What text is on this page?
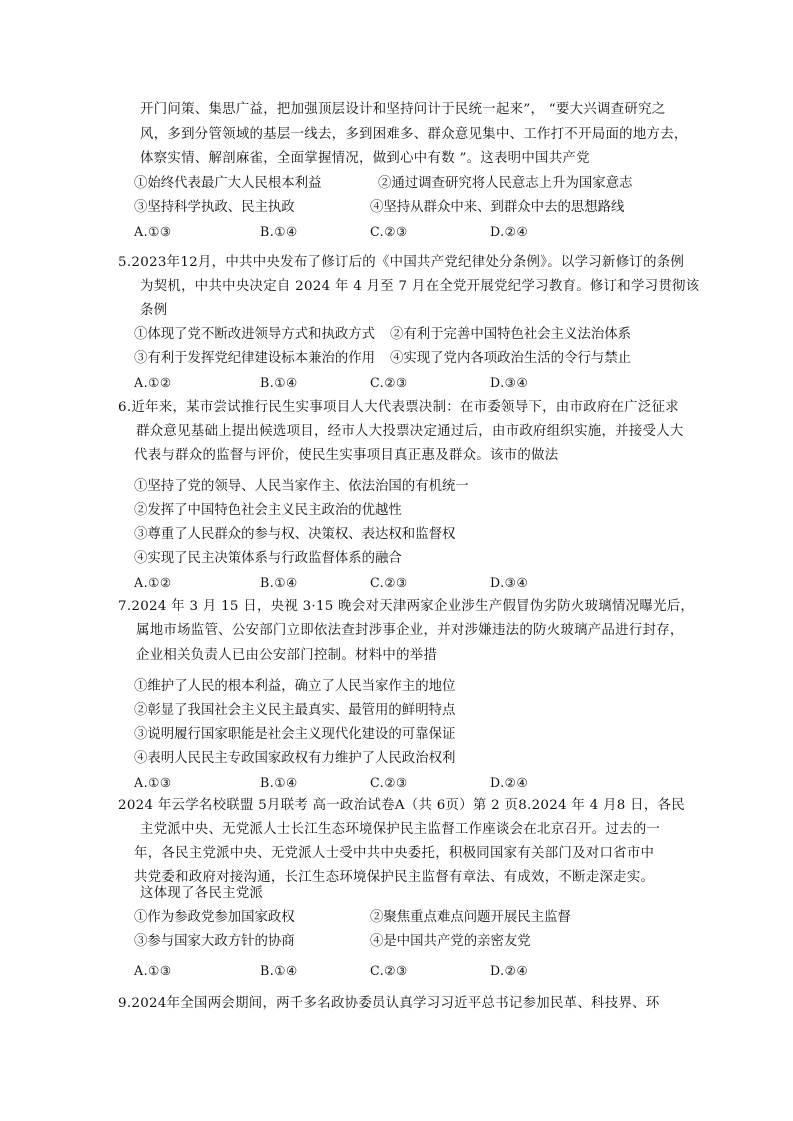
开门问策、集思广益，把加强顶层设计和坚持问计于民统一起来”， “要大兴调查研究之
风，多到分管领域的基层一线去，多到困难多、群众意见集中、工作打不开局面的地方去，
体察实情、解剖麻雀，全面掌握情况，做到心中有数 ”。这表明中国共产党
①始终代表最广大人民根本利益	②通过调查研究将人民意志上升为国家意志
③坚持科学执政、民主执政	④坚持从群众中来、到群众中去的思想路线
A.①③	B.①④	C.②③	D.②④
5.2023年12月，中共中央发布了修订后的《中国共产党纪律处分条例》。以学习新修订的条例
为契机，中共中央决定自 2024 年 4 月至 7 月在全党开展党纪学习教育。修订和学习贯彻该
条例
①体现了党不断改进领导方式和执政方式 ②有利于完善中国特色社会主义法治体系
③有利于发挥党纪律建设标本兼治的作用 ④实现了党内各项政治生活的令行与禁止
A.①②	B.①④	C.②③	D.③④
6.近年来，某市尝试推行民生实事项目人大代表票决制：在市委领导下，由市政府在广泛征求
群众意见基础上提出候选项目，经市人大投票决定通过后，由市政府组织实施，并接受人大
代表与群众的监督与评价，使民生实事项目真正惠及群众。该市的做法
①坚持了党的领导、人民当家作主、依法治国的有机统一
②发挥了中国特色社会主义民主政治的优越性
③尊重了人民群众的参与权、决策权、表达权和监督权
④实现了民主决策体系与行政监督体系的融合
A.①②	B.①④	C.②③	D.③④
7.2024 年 3 月 15 日，央视 3·15 晚会对天津两家企业涉生产假冒伪劣防火玻璃情况曝光后，
属地市场监管、公安部门立即依法查封涉事企业，并对涉嫌违法的防火玻璃产品进行封存，
企业相关负责人已由公安部门控制。材料中的举措
①维护了人民的根本利益，确立了人民当家作主的地位
②彰显了我国社会主义民主最真实、最管用的鲜明特点
③说明履行国家职能是社会主义现代化建设的可靠保证
④表明人民民主专政国家政权有力维护了人民政治权利
A.①③	B.①④	C.②③	D.②④
2024 年云学名校联盟 5月联考 高一政治试卷A（共 6页）第 2 页8.2024 年 4 月8 日，各民
主党派中央、无党派人士长江生态环境保护民主监督工作座谈会在北京召开。过去的一
年，各民主党派中央、无党派人士受中共中央委托，积极同国家有关部门及对口省市中
共党委和政府对接沟通，长江生态环境保护民主监督有章法、有成效，不断走深走实。
这体现了各民主党派
①作为参政党参加国家政权	②聚焦重点难点问题开展民主监督
③参与国家大政方针的协商	④是中国共产党的亲密友党
A.①③	B.①④	C.②③	D.②④
9.2024年全国两会期间，两千多名政协委员认真学习习近平总书记参加民革、科技界、环
